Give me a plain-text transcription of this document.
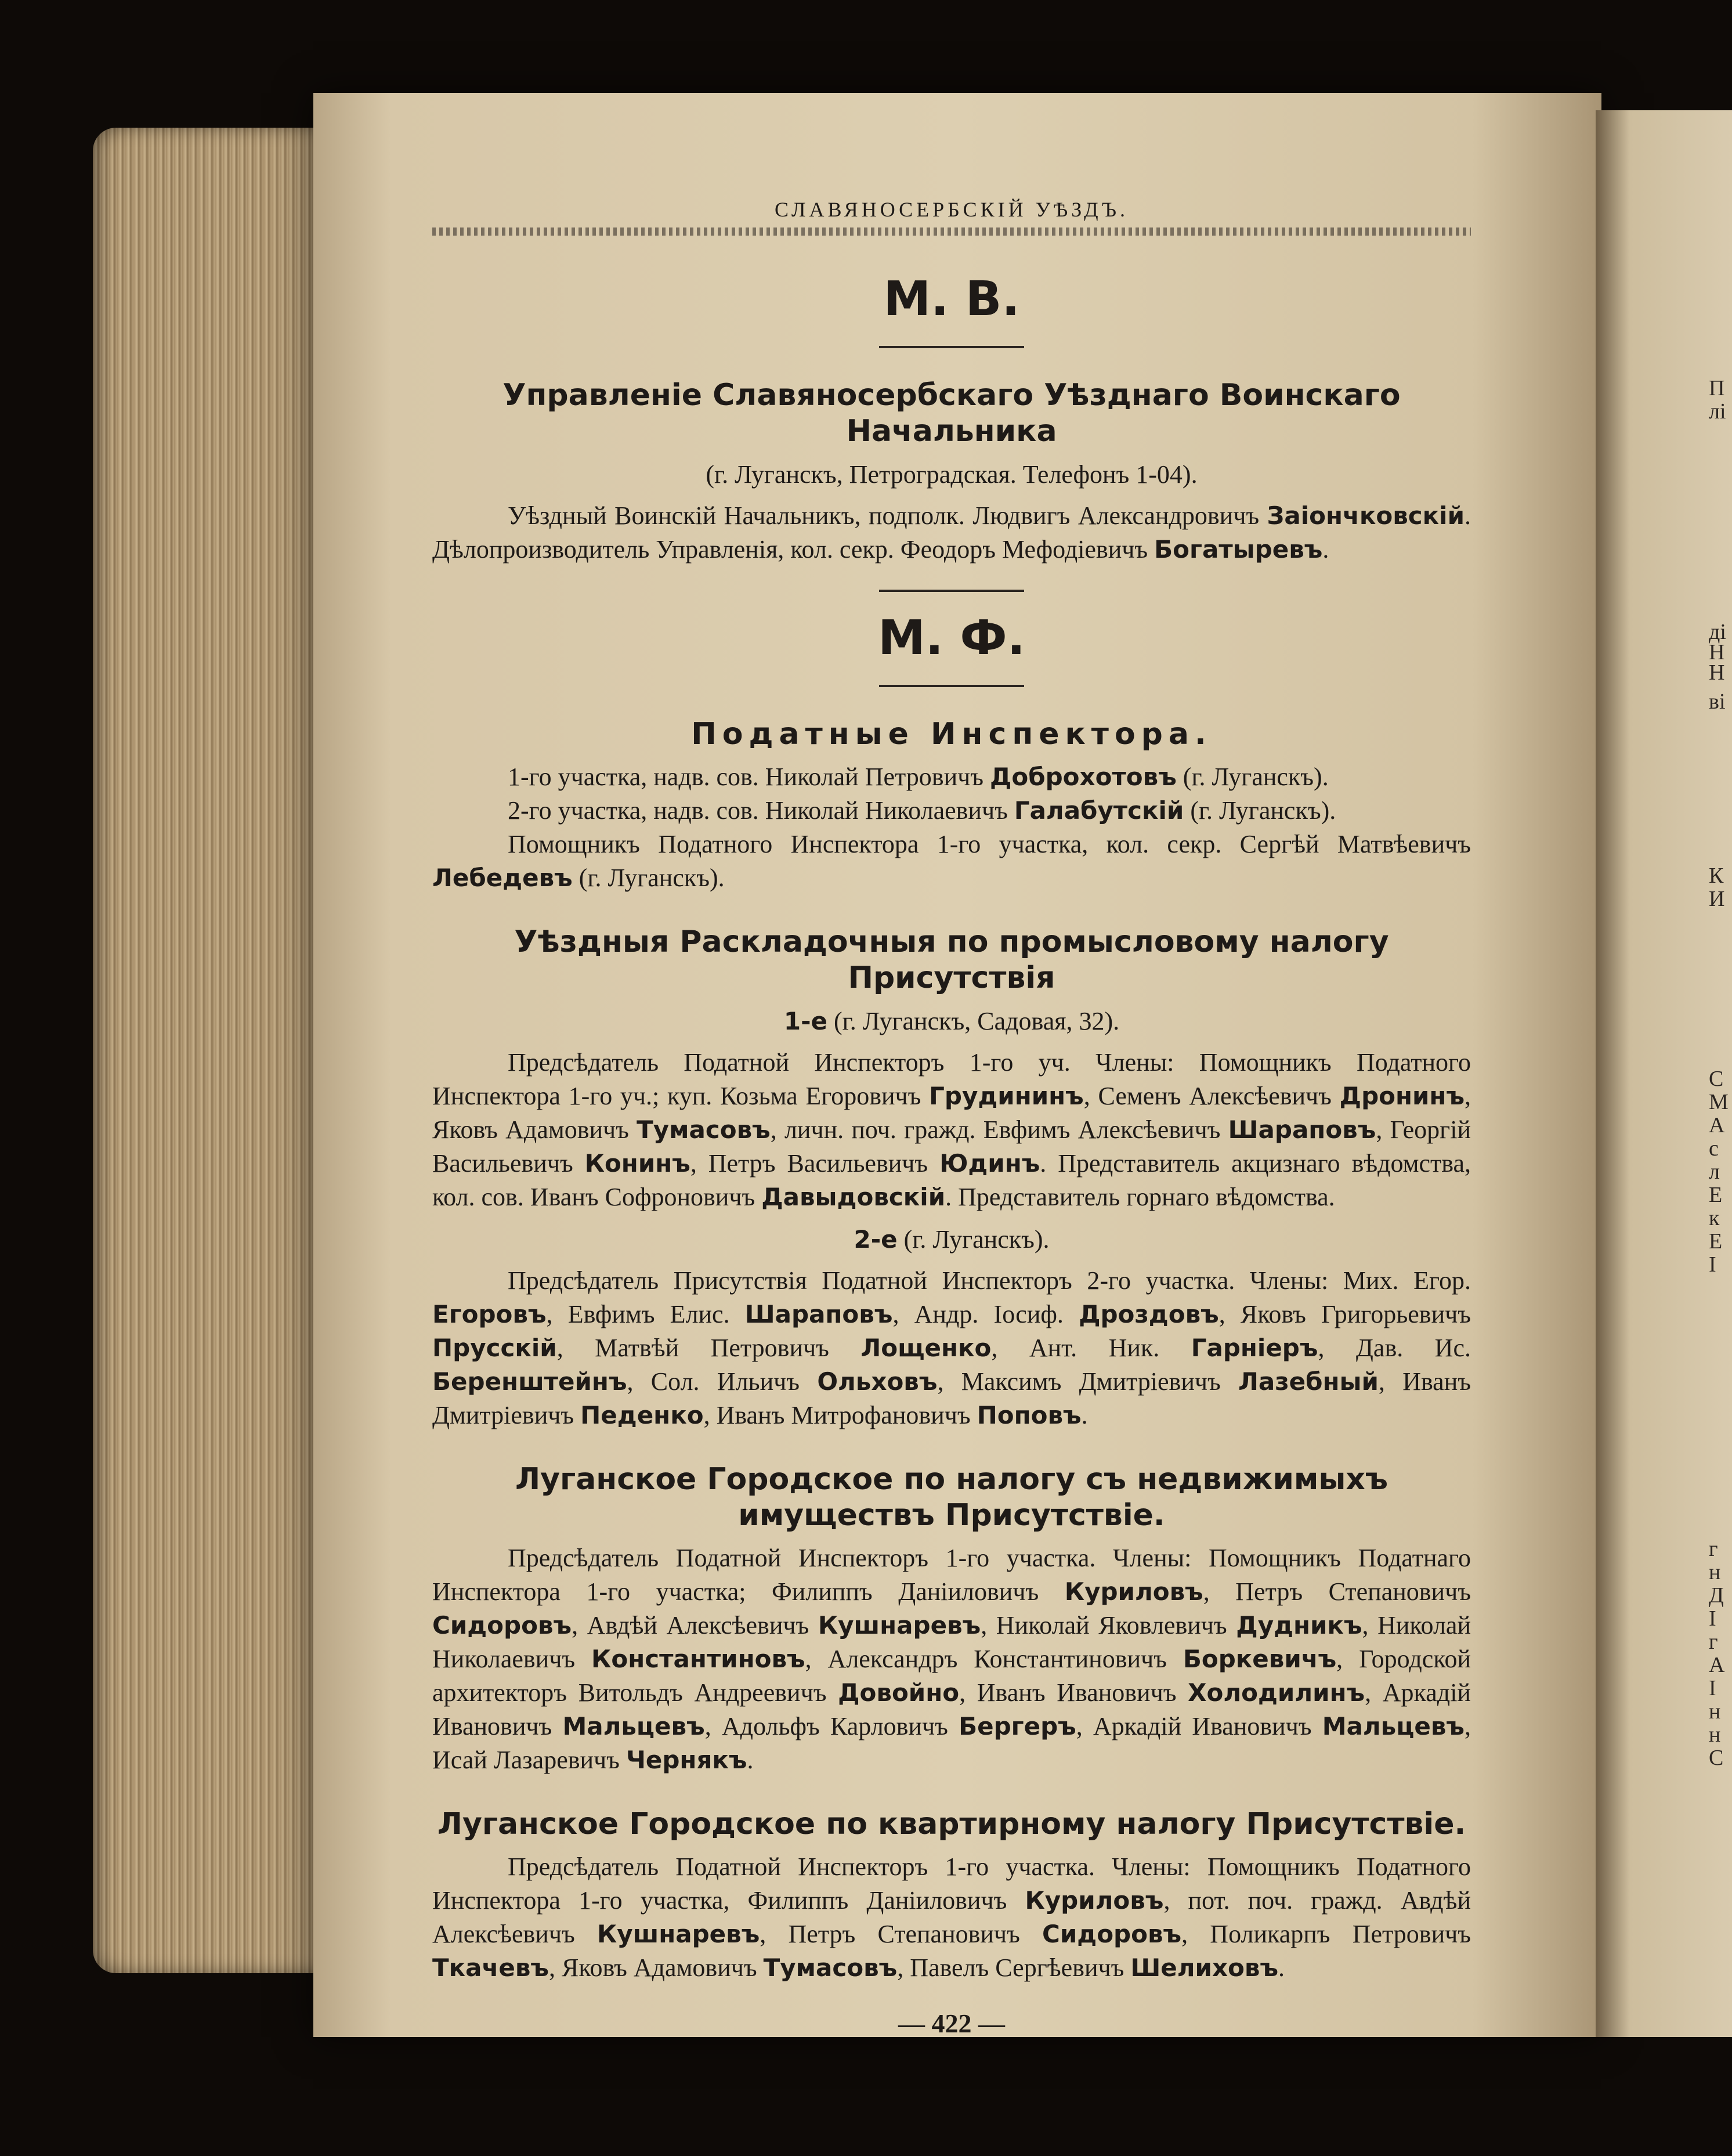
П
лі
ді
Н
Н
ві
К
И
С
М
А
с
л
Е
к
Е
І
г
н
Д
І
г
А
І
н
н
С
СЛАВЯНОСЕРБСКІЙ УѢЗДЪ.
М. В.
Управленіе Славяносербскаго Уѣзднаго Воинскаго Начальника
(г. Луганскъ, Петроградская. Телефонъ 1-04).

Уѣздный Воинскій Начальникъ, подполк. Людвигъ Александровичъ Заіончковскій. Дѣлопроизводитель Управленія, кол. секр. Феодоръ Мефодіевичъ Богатыревъ.

М. Ф.
Податные Инспектора.

1-го участка, надв. сов. Николай Петровичъ Доброхотовъ (г. Луганскъ).

2-го участка, надв. сов. Николай Николаевичъ Галабутскій (г. Луганскъ).

Помощникъ Податного Инспектора 1-го участка, кол. секр. Сергѣй Матвѣевичъ Лебедевъ (г. Луганскъ).

Уѣздныя Раскладочныя по промысловому налогу Присутствія
1-е (г. Луганскъ, Садовая, 32).

Предсѣдатель Податной Инспекторъ 1-го уч. Члены: Помощникъ Податного Инспектора 1-го уч.; куп. Козьма Егоровичъ Грудининъ, Семенъ Алексѣевичъ Дронинъ, Яковъ Адамовичъ Тумасовъ, личн. поч. гражд. Евфимъ Алексѣевичъ Шараповъ, Георгій Васильевичъ Конинъ, Петръ Васильевичъ Юдинъ. Представитель акцизнаго вѣдомства, кол. сов. Иванъ Софроновичъ Давыдовскій. Представитель горнаго вѣдомства.

2-е (г. Луганскъ).

Предсѣдатель Присутствія Податной Инспекторъ 2-го участка. Члены: Мих. Егор. Егоровъ, Евфимъ Елис. Шараповъ, Андр. Іосиф. Дроздовъ, Яковъ Григорьевичъ Прусскій, Матвѣй Петровичъ Лощенко, Ант. Ник. Гарніеръ, Дав. Ис. Беренштейнъ, Сол. Ильичъ Ольховъ, Максимъ Дмитріевичъ Лазебный, Иванъ Дмитріевичъ Педенко, Иванъ Митрофановичъ Поповъ.

Луганское Городское по налогу съ недвижимыхъ имуществъ Присутствіе.

Предсѣдатель Податной Инспекторъ 1-го участка. Члены: Помощникъ Податнаго Инспектора 1-го участка; Филиппъ Даніиловичъ Куриловъ, Петръ Степановичъ Сидоровъ, Авдѣй Алексѣевичъ Кушнаревъ, Николай Яковлевичъ Дудникъ, Николай Николаевичъ Константиновъ, Александръ Константиновичъ Боркевичъ, Городской архитекторъ Витольдъ Андреевичъ Довойно, Иванъ Ивановичъ Холодилинъ, Аркадій Ивановичъ Мальцевъ, Адольфъ Карловичъ Бергеръ, Аркадій Ивановичъ Мальцевъ, Исай Лазаревичъ Чернякъ.

Луганское Городское по квартирному налогу Присутствіе.

Предсѣдатель Податной Инспекторъ 1-го участка. Члены: Помощникъ Податного Инспектора 1-го участка, Филиппъ Даніиловичъ Куриловъ, пот. поч. гражд. Авдѣй Алексѣевичъ Кушнаревъ, Петръ Степановичъ Сидоровъ, Поликарпъ Петровичъ Ткачевъ, Яковъ Адамовичъ Тумасовъ, Павелъ Сергѣевичъ Шелиховъ.

— 422 —
